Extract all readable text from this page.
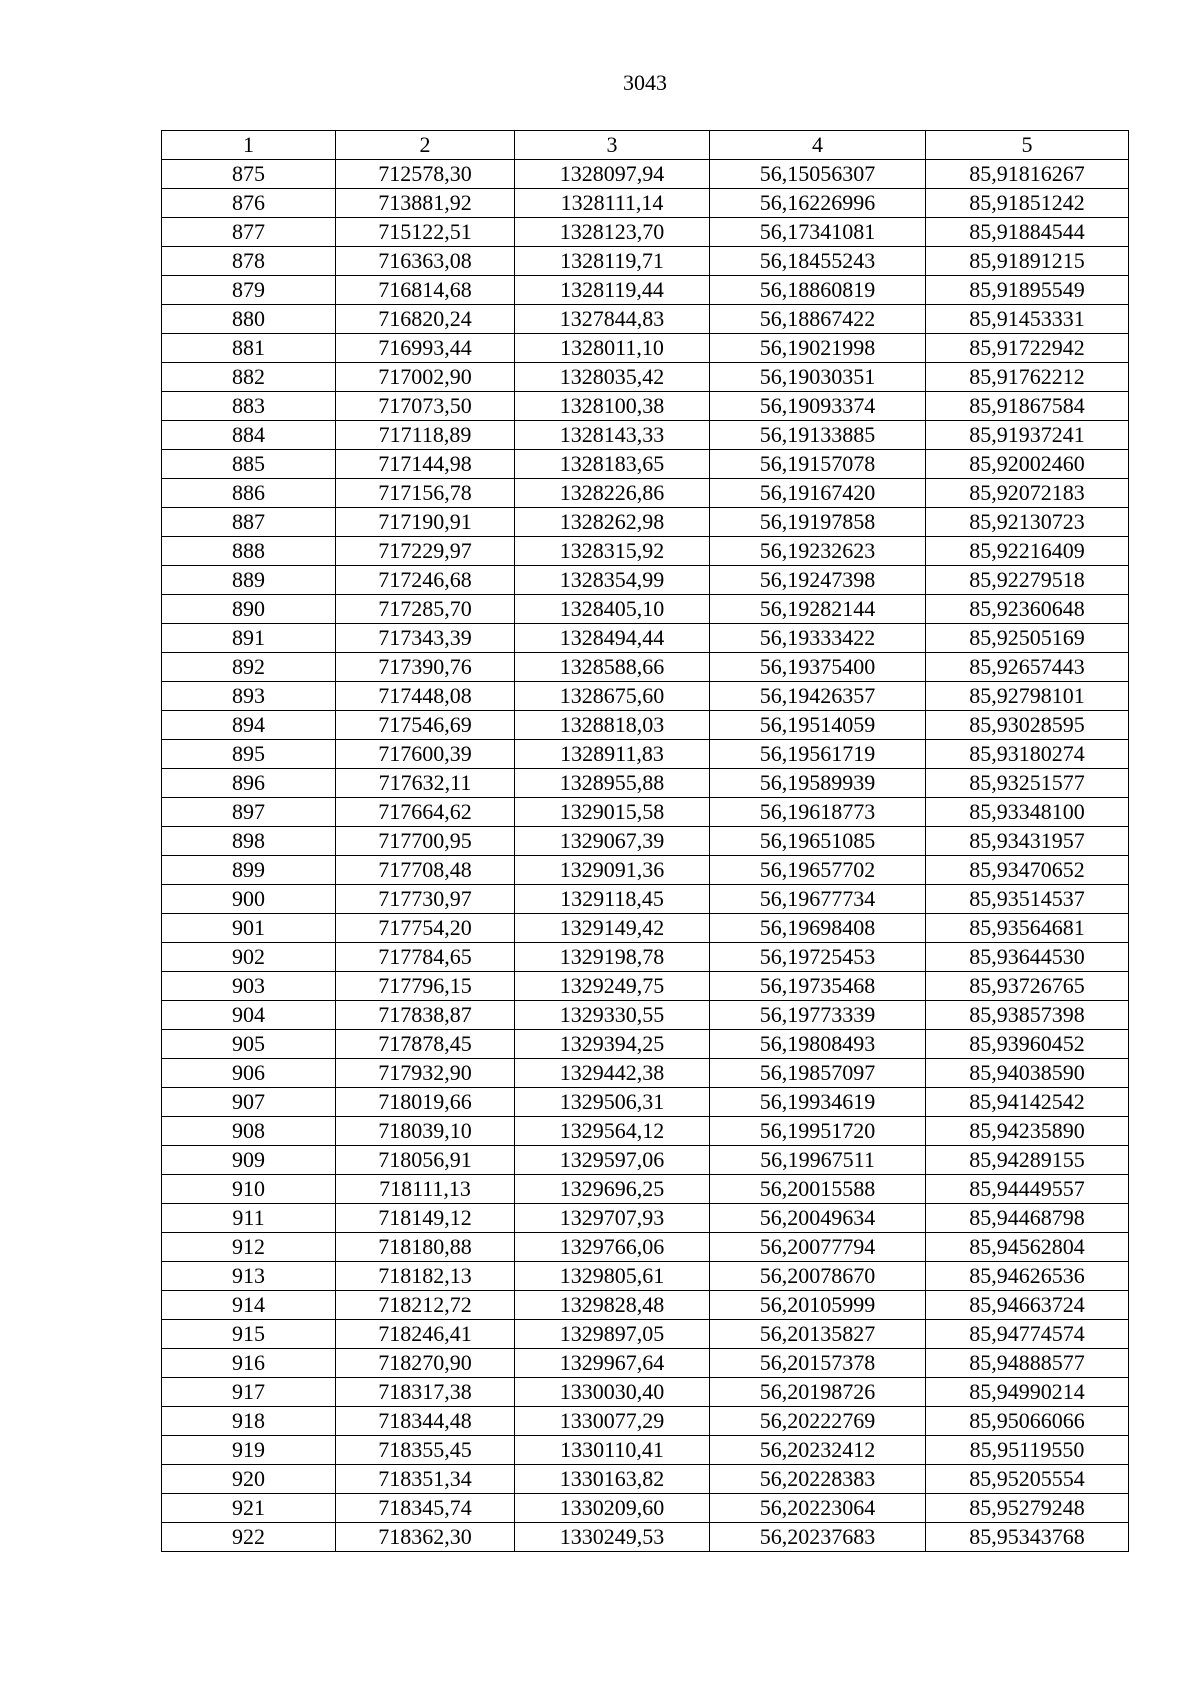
3043
1	2	3	4	5
875	712578,30	1328097,94	56,15056307	85,91816267
876	713881,92	1328111,14	56,16226996	85,91851242
877	715122,51	1328123,70	56,17341081	85,91884544
878	716363,08	1328119,71	56,18455243	85,91891215
879	716814,68	1328119,44	56,18860819	85,91895549
880	716820,24	1327844,83	56,18867422	85,91453331
881	716993,44	1328011,10	56,19021998	85,91722942
882	717002,90	1328035,42	56,19030351	85,91762212
883	717073,50	1328100,38	56,19093374	85,91867584
884	717118,89	1328143,33	56,19133885	85,91937241
885	717144,98	1328183,65	56,19157078	85,92002460
886	717156,78	1328226,86	56,19167420	85,92072183
887	717190,91	1328262,98	56,19197858	85,92130723
888	717229,97	1328315,92	56,19232623	85,92216409
889	717246,68	1328354,99	56,19247398	85,92279518
890	717285,70	1328405,10	56,19282144	85,92360648
891	717343,39	1328494,44	56,19333422	85,92505169
892	717390,76	1328588,66	56,19375400	85,92657443
893	717448,08	1328675,60	56,19426357	85,92798101
894	717546,69	1328818,03	56,19514059	85,93028595
895	717600,39	1328911,83	56,19561719	85,93180274
896	717632,11	1328955,88	56,19589939	85,93251577
897	717664,62	1329015,58	56,19618773	85,93348100
898	717700,95	1329067,39	56,19651085	85,93431957
899	717708,48	1329091,36	56,19657702	85,93470652
900	717730,97	1329118,45	56,19677734	85,93514537
901	717754,20	1329149,42	56,19698408	85,93564681
902	717784,65	1329198,78	56,19725453	85,93644530
903	717796,15	1329249,75	56,19735468	85,93726765
904	717838,87	1329330,55	56,19773339	85,93857398
905	717878,45	1329394,25	56,19808493	85,93960452
906	717932,90	1329442,38	56,19857097	85,94038590
907	718019,66	1329506,31	56,19934619	85,94142542
908	718039,10	1329564,12	56,19951720	85,94235890
909	718056,91	1329597,06	56,19967511	85,94289155
910	718111,13	1329696,25	56,20015588	85,94449557
911	718149,12	1329707,93	56,20049634	85,94468798
912	718180,88	1329766,06	56,20077794	85,94562804
913	718182,13	1329805,61	56,20078670	85,94626536
914	718212,72	1329828,48	56,20105999	85,94663724
915	718246,41	1329897,05	56,20135827	85,94774574
916	718270,90	1329967,64	56,20157378	85,94888577
917	718317,38	1330030,40	56,20198726	85,94990214
918	718344,48	1330077,29	56,20222769	85,95066066
919	718355,45	1330110,41	56,20232412	85,95119550
920	718351,34	1330163,82	56,20228383	85,95205554
921	718345,74	1330209,60	56,20223064	85,95279248
922	718362,30	1330249,53	56,20237683	85,95343768
